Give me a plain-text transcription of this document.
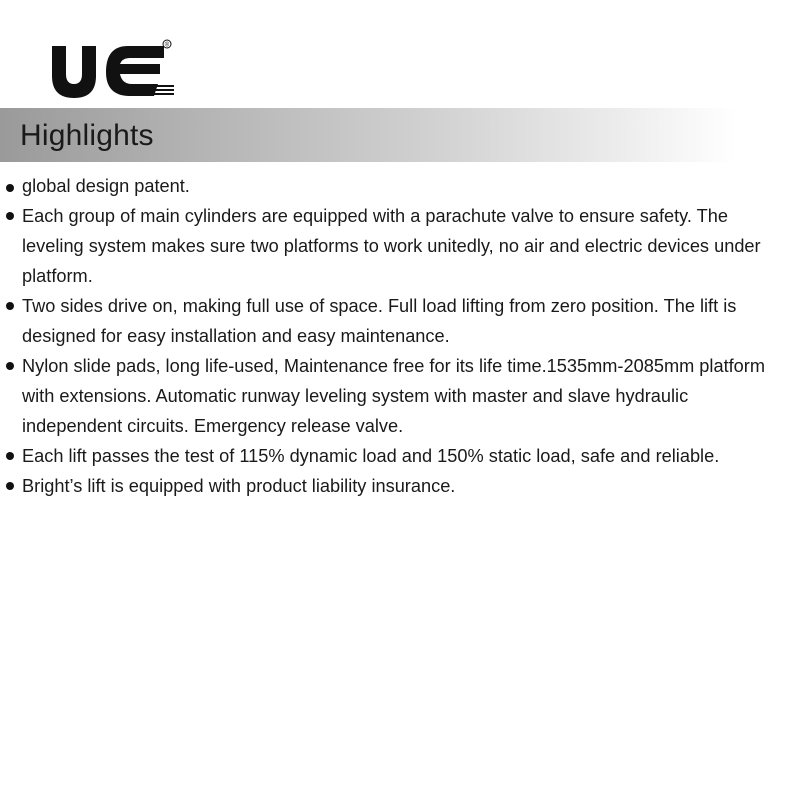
®
Highlights
global design patent.
Each group of main cylinders are equipped with a parachute valve to ensure safety. The leveling system makes sure two platforms to work unitedly, no air and electric devices under platform.
Two sides drive on, making full use of space. Full load lifting from zero position. The lift is designed for easy installation and easy maintenance.
Nylon slide pads, long life-used, Maintenance free for its life time.1535mm-2085mm platform with extensions. Automatic runway leveling system with master and slave hydraulic independent circuits. Emergency release valve.
Each lift passes the test of 115% dynamic load and 150% static load, safe and reliable.
Bright’s lift is equipped with product liability insurance.
